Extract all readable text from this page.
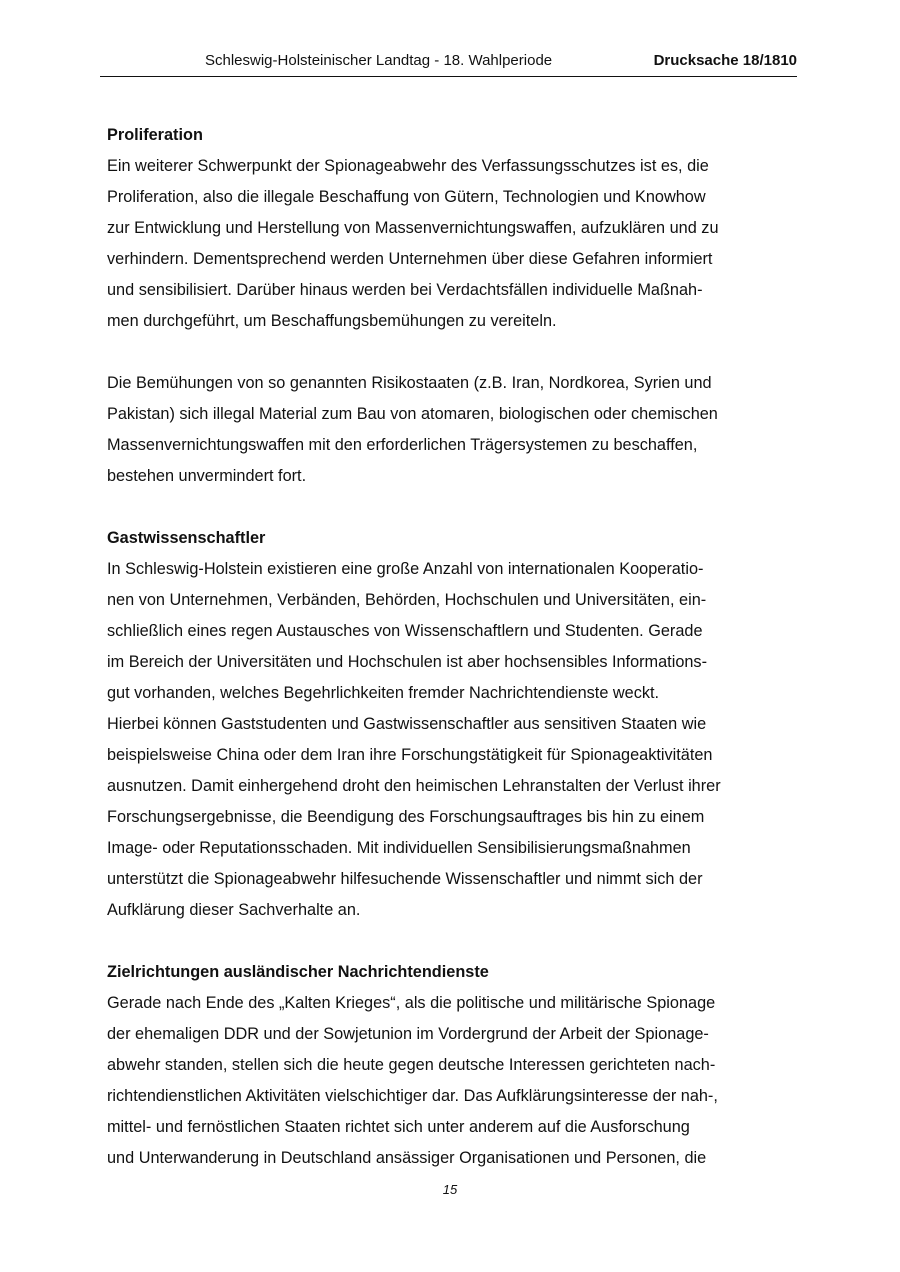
Schleswig-Holsteinischer Landtag - 18. Wahlperiode	Drucksache 18/1810
Proliferation
Ein weiterer Schwerpunkt der Spionageabwehr des Verfassungsschutzes ist es, die
Proliferation, also die illegale Beschaffung von Gütern, Technologien und Knowhow
zur Entwicklung und Herstellung von Massenvernichtungswaffen, aufzuklären und zu
verhindern. Dementsprechend werden Unternehmen über diese Gefahren informiert
und sensibilisiert. Darüber hinaus werden bei Verdachtsfällen individuelle Maßnah-
men durchgeführt, um Beschaffungsbemühungen zu vereiteln.
Die Bemühungen von so genannten Risikostaaten (z.B. Iran, Nordkorea, Syrien und
Pakistan) sich illegal Material zum Bau von atomaren, biologischen oder chemischen
Massenvernichtungswaffen mit den erforderlichen Trägersystemen zu beschaffen,
bestehen unvermindert fort.
Gastwissenschaftler
In Schleswig-Holstein existieren eine große Anzahl von internationalen Kooperatio-
nen von Unternehmen, Verbänden, Behörden, Hochschulen und Universitäten, ein-
schließlich eines regen Austausches von Wissenschaftlern und Studenten. Gerade
im Bereich der Universitäten und Hochschulen ist aber hochsensibles Informations-
gut vorhanden, welches Begehrlichkeiten fremder Nachrichtendienste weckt.
Hierbei können Gaststudenten und Gastwissenschaftler aus sensitiven Staaten wie
beispielsweise China oder dem Iran ihre Forschungstätigkeit für Spionageaktivitäten
ausnutzen. Damit einhergehend droht den heimischen Lehranstalten der Verlust ihrer
Forschungsergebnisse, die Beendigung des Forschungsauftrages bis hin zu einem
Image- oder Reputationsschaden. Mit individuellen Sensibilisierungsmaßnahmen
unterstützt die Spionageabwehr hilfesuchende Wissenschaftler und nimmt sich der
Aufklärung dieser Sachverhalte an.
Zielrichtungen ausländischer Nachrichtendienste
Gerade nach Ende des „Kalten Krieges“, als die politische und militärische Spionage
der ehemaligen DDR und der Sowjetunion im Vordergrund der Arbeit der Spionage-
abwehr standen, stellen sich die heute gegen deutsche Interessen gerichteten nach-
richtendienstlichen Aktivitäten vielschichtiger dar. Das Aufklärungsinteresse der nah-,
mittel- und fernöstlichen Staaten richtet sich unter anderem auf die Ausforschung
und Unterwanderung in Deutschland ansässiger Organisationen und Personen, die
15
